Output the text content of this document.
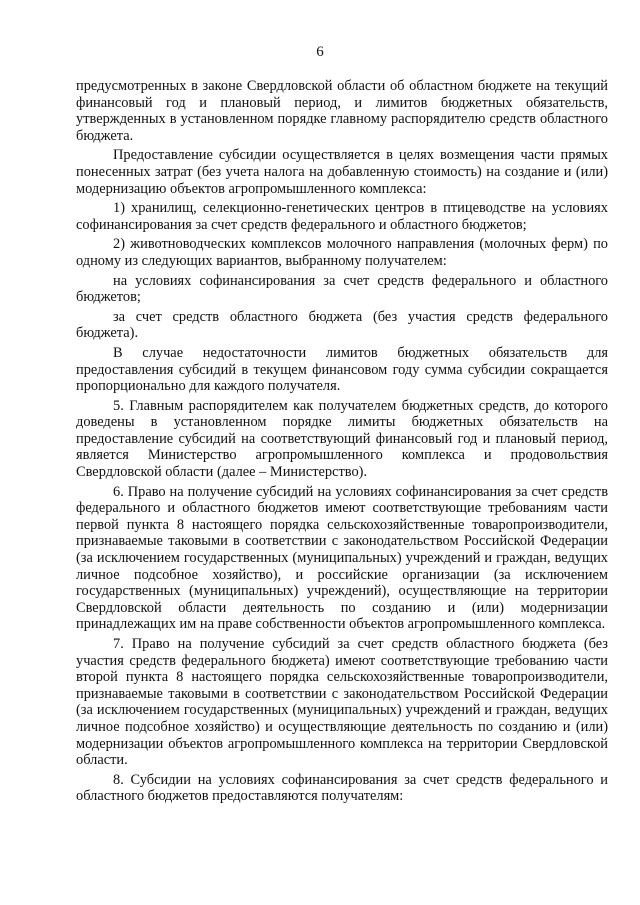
6

предусмотренных в законе Свердловской области об областном бюджете на текущий финансовый год и плановый период, и лимитов бюджетных обязательств, утвержденных в установленном порядке главному распорядителю средств областного бюджета.

Предоставление субсидии осуществляется в целях возмещения части прямых понесенных затрат (без учета налога на добавленную стоимость) на создание и (или) модернизацию объектов агропромышленного комплекса:

1) хранилищ, селекционно-генетических центров в птицеводстве на условиях софинансирования за счет средств федерального и областного бюджетов;

2) животноводческих комплексов молочного направления (молочных ферм) по одному из следующих вариантов, выбранному получателем:

на условиях софинансирования за счет средств федерального и областного бюджетов;

за счет средств областного бюджета (без участия средств федерального бюджета).

В случае недостаточности лимитов бюджетных обязательств для предоставления субсидий в текущем финансовом году сумма субсидии сокращается пропорционально для каждого получателя.

5. Главным распорядителем как получателем бюджетных средств, до которого доведены в установленном порядке лимиты бюджетных обязательств на предоставление субсидий на соответствующий финансовый год и плановый период, является Министерство агропромышленного комплекса и продовольствия Свердловской области (далее – Министерство).

6. Право на получение субсидий на условиях софинансирования за счет средств федерального и областного бюджетов имеют соответствующие требованиям части первой пункта 8 настоящего порядка сельскохозяйственные товаропроизводители, признаваемые таковыми в соответствии с законодательством Российской Федерации (за исключением государственных (муниципальных) учреждений и граждан, ведущих личное подсобное хозяйство), и российские организации (за исключением государственных (муниципальных) учреждений), осуществляющие на территории Свердловской области деятельность по созданию и (или) модернизации принадлежащих им на праве собственности объектов агропромышленного комплекса.

7. Право на получение субсидий за счет средств областного бюджета (без участия средств федерального бюджета) имеют соответствующие требованию части второй пункта 8 настоящего порядка сельскохозяйственные товаропроизводители, признаваемые таковыми в соответствии с законодательством Российской Федерации (за исключением государственных (муниципальных) учреждений и граждан, ведущих личное подсобное хозяйство) и осуществляющие деятельность по созданию и (или) модернизации объектов агропромышленного комплекса на территории Свердловской области.

8. Субсидии на условиях софинансирования за счет средств федерального и областного бюджетов предоставляются получателям:
